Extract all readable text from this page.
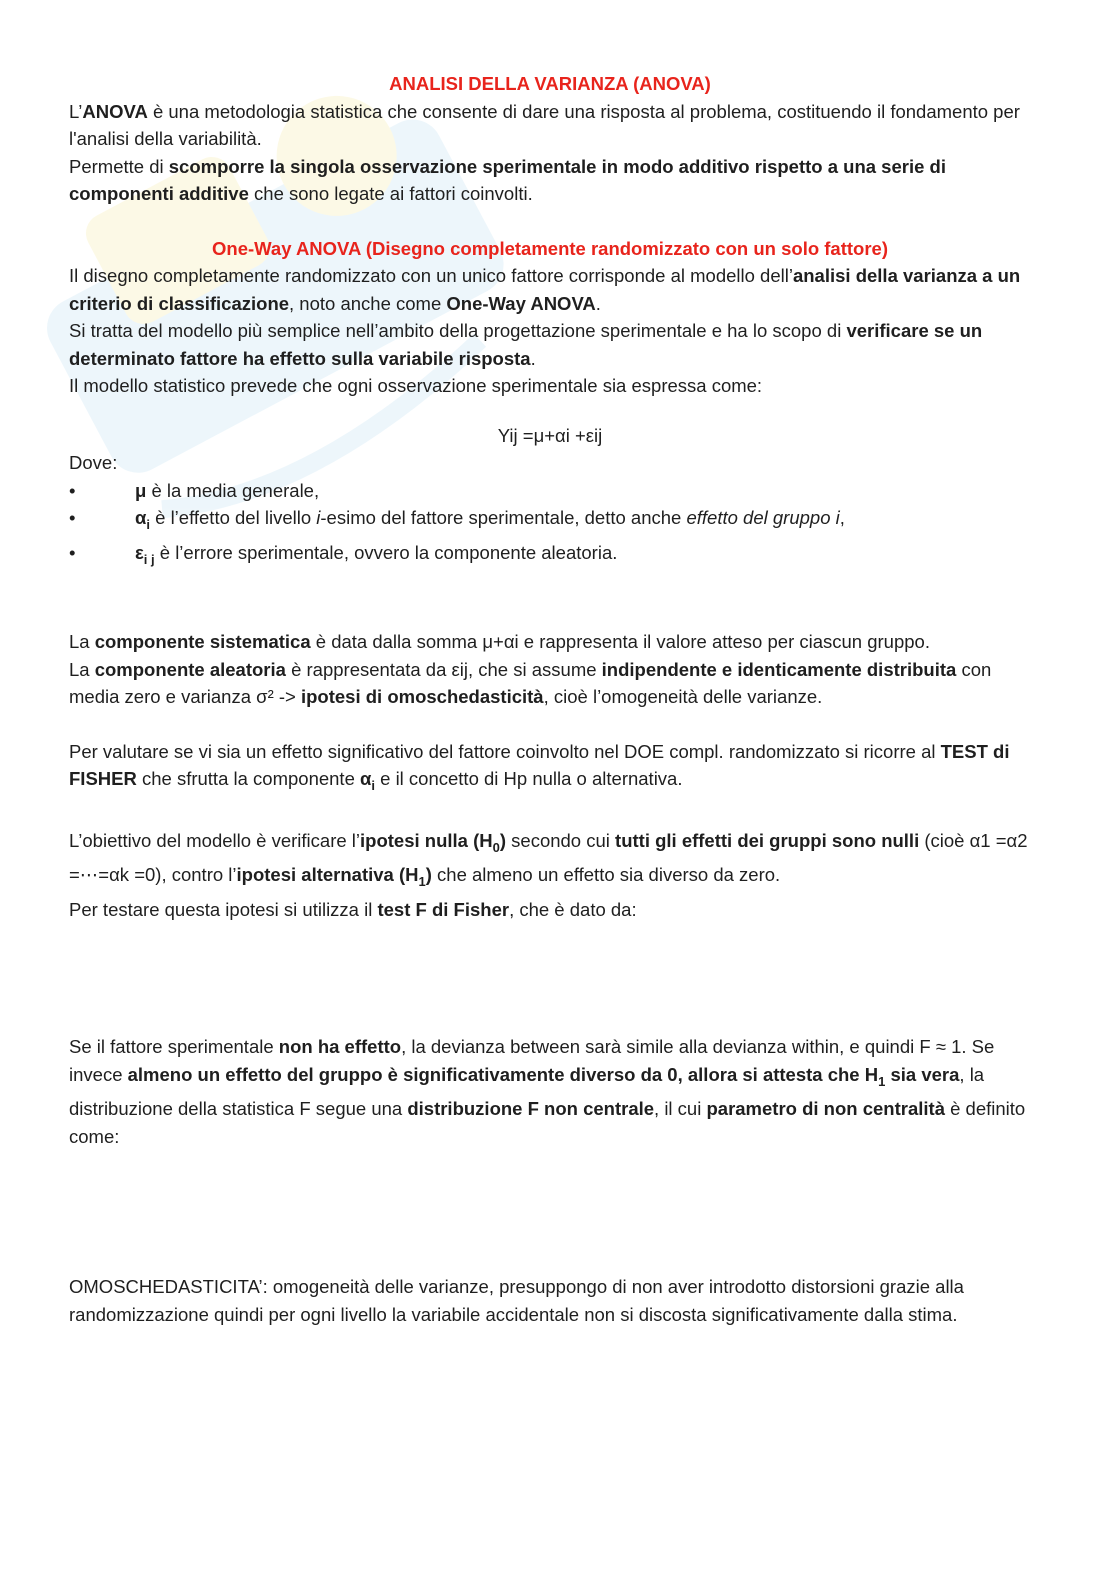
ANALISI DELLA VARIANZA (ANOVA)

L’ANOVA è una metodologia statistica che consente di dare una risposta al problema, costituendo il fondamento per l'analisi della variabilità.

Permette di scomporre la singola osservazione sperimentale in modo additivo rispetto a una serie di componenti additive che sono legate ai fattori coinvolti.

One-Way ANOVA (Disegno completamente randomizzato con un solo fattore)

Il disegno completamente randomizzato con un unico fattore corrisponde al modello dell’analisi della varianza a un criterio di classificazione, noto anche come One-Way ANOVA.

Si tratta del modello più semplice nell’ambito della progettazione sperimentale e ha lo scopo di verificare se un determinato fattore ha effetto sulla variabile risposta.

Il modello statistico prevede che ogni osservazione sperimentale sia espressa come:

Yij =μ+αi +εij

Dove:

•	μ è la media generale,
•	$\alpha_i$ è l’effetto del livello i-esimo del fattore sperimentale, detto anche effetto del gruppo i,
•	$\varepsilon_{i j}$ è l’errore sperimentale, ovvero la componente aleatoria.

La componente sistematica è data dalla somma μ+αi e rappresenta il valore atteso per ciascun gruppo.

La componente aleatoria è rappresentata da εij, che si assume indipendente e identicamente distribuita con media zero e varianza σ² -> ipotesi di omoschedasticità, cioè l’omogeneità delle varianze.

Per valutare se vi sia un effetto significativo del fattore coinvolto nel DOE compl. randomizzato si ricorre al TEST di FISHER che sfrutta la componente $\alpha_i$ e il concetto di Hp nulla o alternativa.

L’obiettivo del modello è verificare l’ipotesi nulla $(H_0)$ secondo cui tutti gli effetti dei gruppi sono nulli (cioè α1 =α2 =⋯=αk =0), contro l’ipotesi alternativa $(H_1)$ che almeno un effetto sia diverso da zero.

Per testare questa ipotesi si utilizza il test F di Fisher, che è dato da:

Se il fattore sperimentale non ha effetto, la devianza between sarà simile alla devianza within, e quindi F ≈ 1. Se invece almeno un effetto del gruppo è significativamente diverso da 0, allora si attesta che $H_1$ sia vera, la distribuzione della statistica F segue una distribuzione F non centrale, il cui parametro di non centralità è definito come:

OMOSCHEDASTICITA’: omogeneità delle varianze, presuppongo di non aver introdotto distorsioni grazie alla randomizzazione quindi per ogni livello la variabile accidentale non si discosta significativamente dalla stima.
